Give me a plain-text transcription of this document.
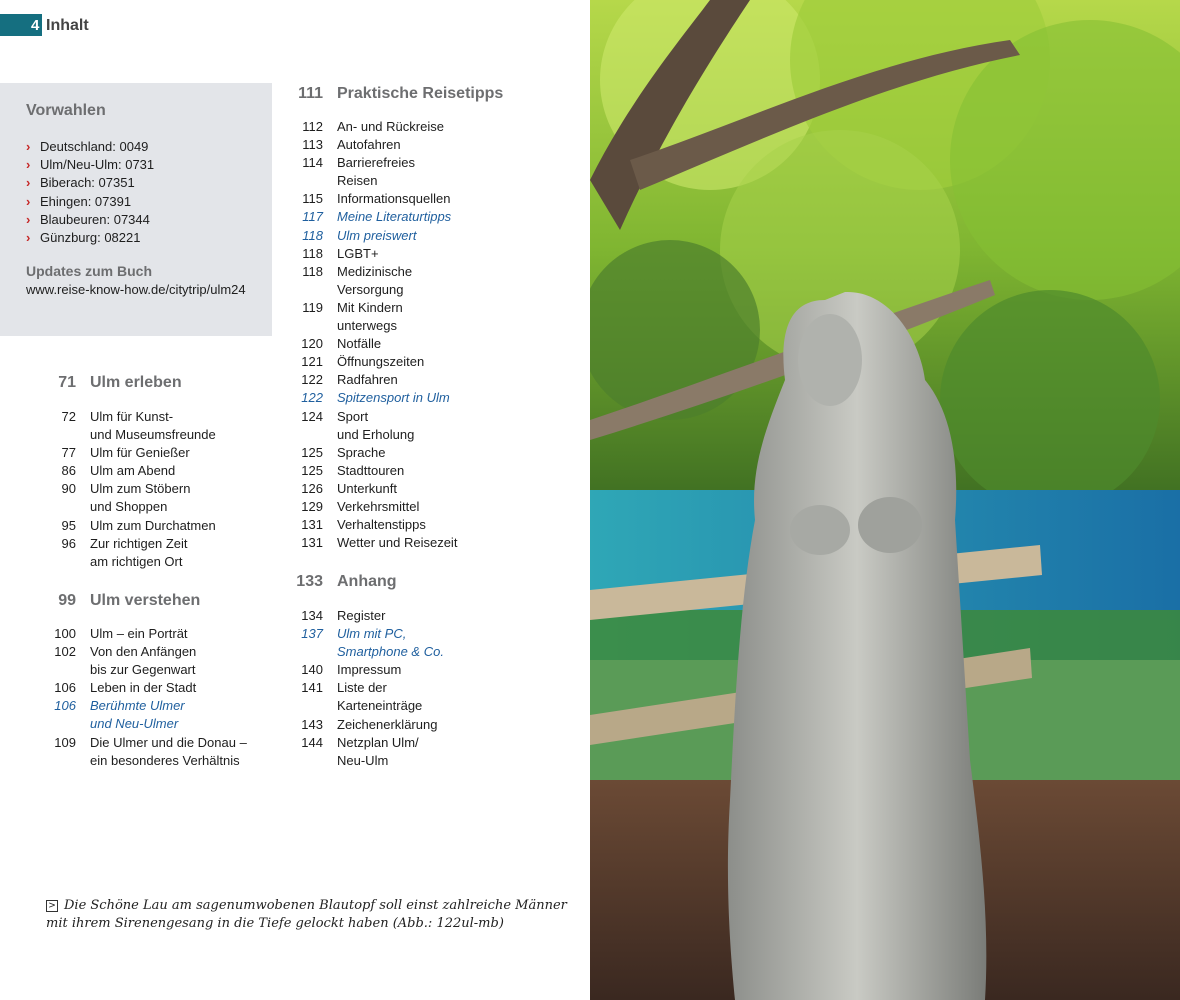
4 Inhalt
Vorwahlen
› Deutschland: 0049
› Ulm/Neu-Ulm: 0731
› Biberach: 07351
› Ehingen: 07391
› Blaubeuren: 07344
› Günzburg: 08221
Updates zum Buch
www.reise-know-how.de/citytrip/ulm24
71 Ulm erleben
72 Ulm für Kunst-
und Museumsfreunde
77 Ulm für Genießer
86 Ulm am Abend
90 Ulm zum Stöbern
und Shoppen
95 Ulm zum Durchatmen
96 Zur richtigen Zeit
am richtigen Ort
99 Ulm verstehen
100 Ulm – ein Porträt
102 Von den Anfängen
bis zur Gegenwart
106 Leben in der Stadt
106 Berühmte Ulmer
und Neu-Ulmer
109 Die Ulmer und die Donau –
ein besonderes Verhältnis
111 Praktische Reisetipps
112 An- und Rückreise
113 Autofahren
114 Barrierefreies
Reisen
115 Informationsquellen
117 Meine Literaturtipps
118 Ulm preiswert
118 LGBT+
118 Medizinische
Versorgung
119 Mit Kindern
unterwegs
120 Notfälle
121 Öffnungszeiten
122 Radfahren
122 Spitzensport in Ulm
124 Sport
und Erholung
125 Sprache
125 Stadttouren
126 Unterkunft
129 Verkehrsmittel
131 Verhaltenstipps
131 Wetter und Reisezeit
133 Anhang
134 Register
137 Ulm mit PC,
Smartphone & Co.
140 Impressum
141 Liste der
Karteneinträge
143 Zeichenerklärung
144 Netzplan Ulm/
Neu-Ulm

> Die Schöne Lau am sagenumwobenen Blautopf soll einst zahlreiche Männer mit ihrem Sirenengesang in die Tiefe gelockt haben (Abb.: 122ul-mb)
